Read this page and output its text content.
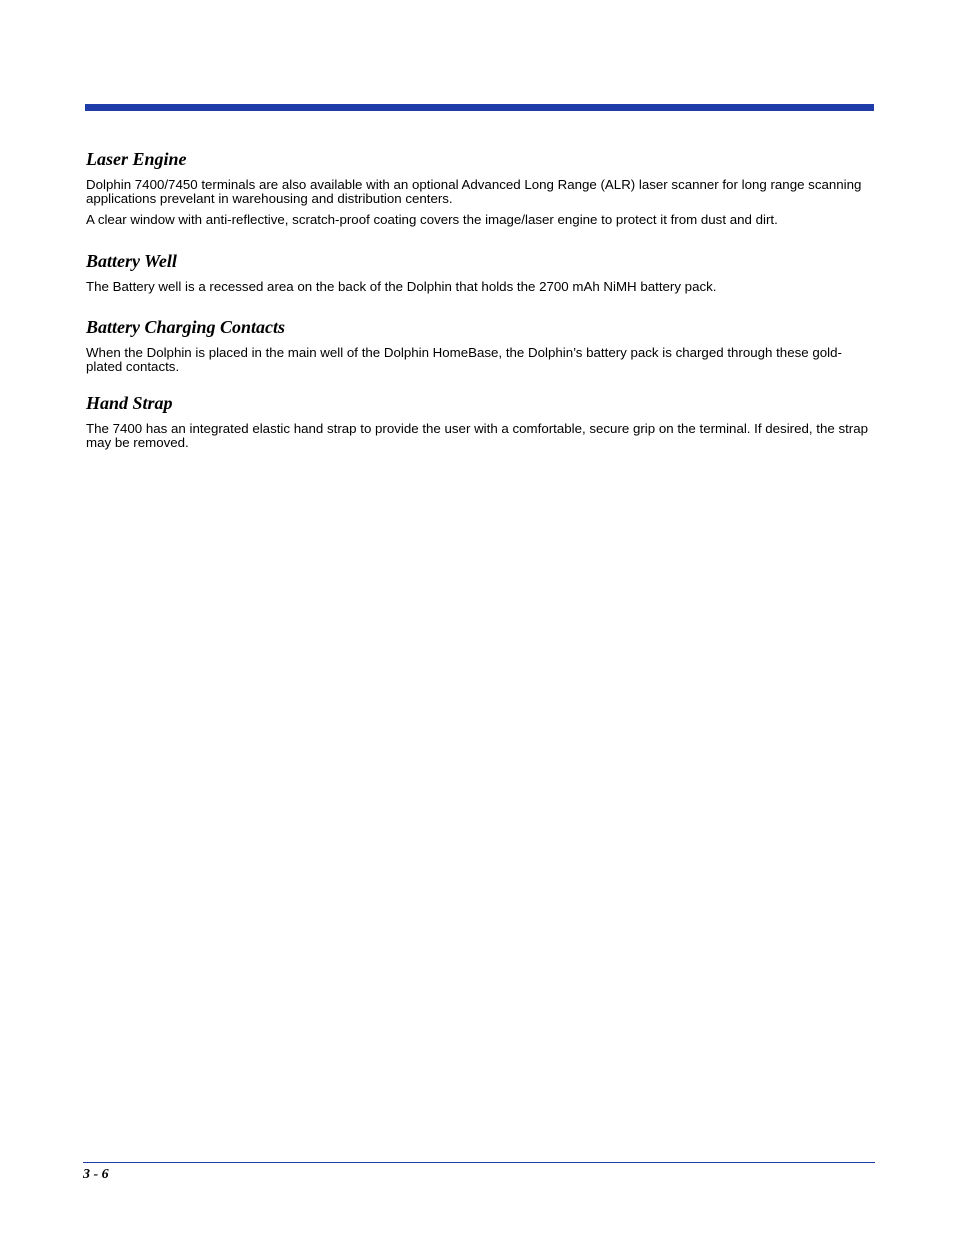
Laser Engine

Dolphin 7400/7450 terminals are also available with an optional Advanced Long Range (ALR) laser scanner for long range scanning applications prevelant in warehousing and distribution centers.

A clear window with anti-reflective, scratch-proof coating covers the image/laser engine to protect it from dust and dirt.

Battery Well

The Battery well is a recessed area on the back of the Dolphin that holds the 2700 mAh NiMH battery pack.

Battery Charging Contacts

When the Dolphin is placed in the main well of the Dolphin HomeBase, the Dolphin’s battery pack is charged through these gold-plated contacts.

Hand Strap

The 7400 has an integrated elastic hand strap to provide the user with a comfortable, secure grip on the terminal. If desired, the strap may be removed.

3 - 6
